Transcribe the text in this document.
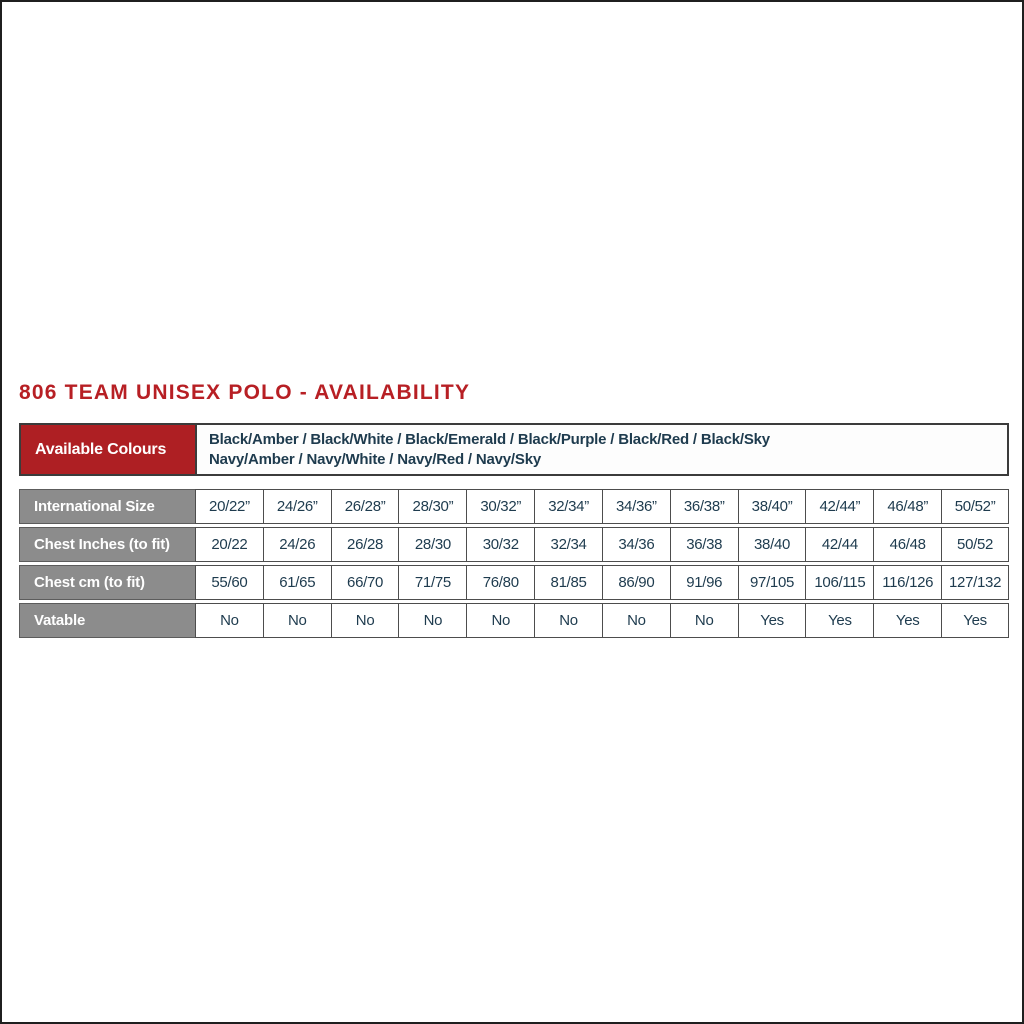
806 TEAM UNISEX POLO - AVAILABILITY
Available Colours
Black/Amber / Black/White / Black/Emerald / Black/Purple / Black/Red / Black/Sky
Navy/Amber / Navy/White / Navy/Red / Navy/Sky
International Size	20/22”	24/26”	26/28”	28/30”	30/32”	32/34”	34/36”	36/38”	38/40”	42/44”	46/48”	50/52”
Chest Inches (to fit)	20/22	24/26	26/28	28/30	30/32	32/34	34/36	36/38	38/40	42/44	46/48	50/52
Chest cm (to fit)	55/60	61/65	66/70	71/75	76/80	81/85	86/90	91/96	97/105	106/115	116/126	127/132
Vatable	No	No	No	No	No	No	No	No	Yes	Yes	Yes	Yes
